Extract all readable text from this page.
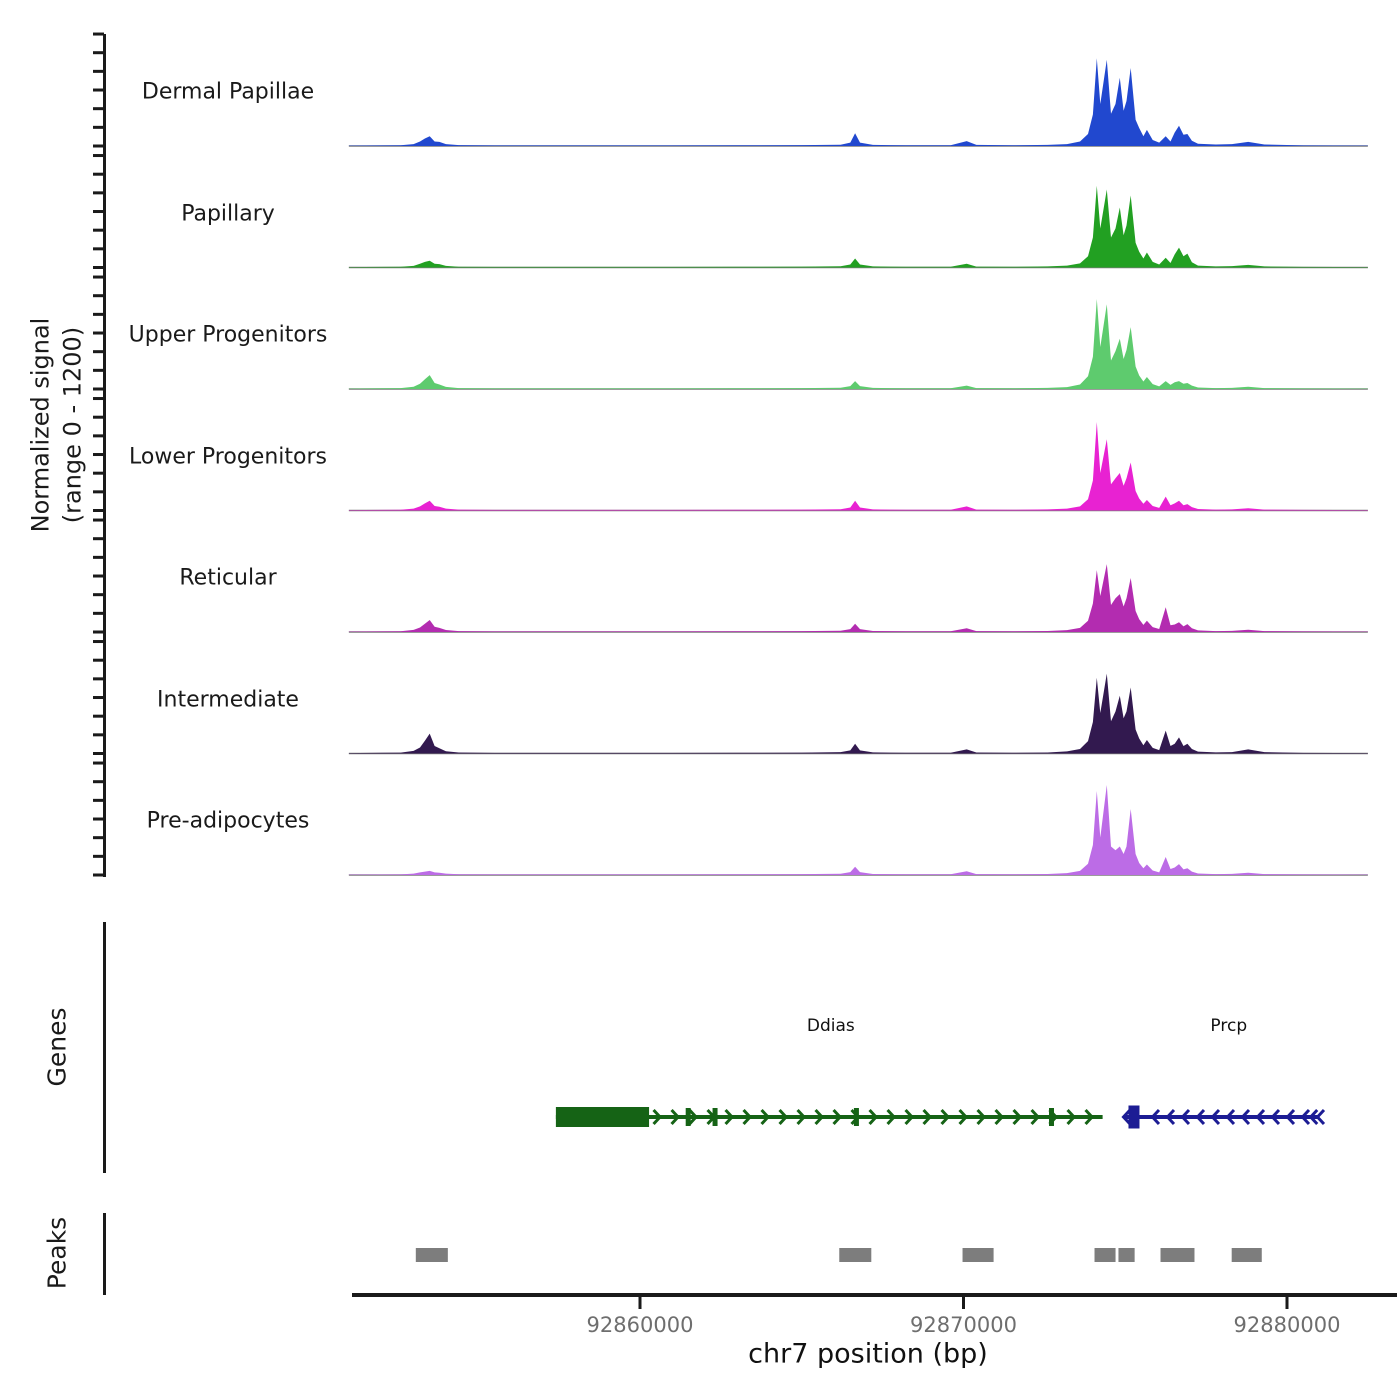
Ddias	Prcp
92860000	92870000	92880000
Normalized signal (range 0 - 1200)
Genes
Peaks
chr7 position (bp)
Dermal Papillae
Papillary
Upper Progenitors
Lower Progenitors
Reticular
Intermediate
Pre-adipocytes
